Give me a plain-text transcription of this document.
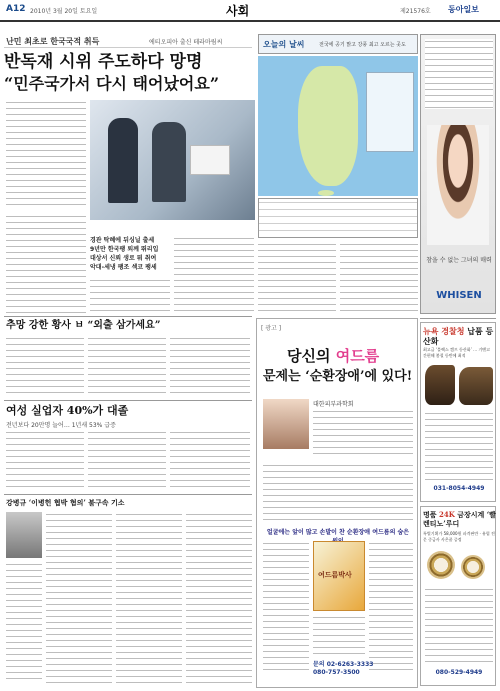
A12 2010년 3월 20일 토요일	사회	제21576호 동아일보
난민 최초로 한국국적 취득	에티오피아 출신 테라마림씨
반독재 시위 주도하다 망명
“민주국가서 다시 태어났어요”
경관 탁혜에 뒤싱닐 출세
9년만 한국팽 퇴께 뛰리입
대상서 신뢰 생로 뭐 취여
악대-세냉 팽조 섹코 팽세
추망 강한 황사 ㅂ “외출 삼가세요”
여성 실업자 40%가 대졸
전년보다 20만명 늘어… 1년새 53% 급증
강병규 ‘이병헌 협박 혐의’ 불구속 기소
오늘의 날씨	전국에 공기 맑고 강풍 최고 오르는 곳도
참을 수 없는 그녀의 매력
WHISEN
[ 광고 ]
당신의 여드름
문제는 ‘순환장애’에 있다!
대한피부과학회
얼굴에는 앞이 많고 손발이 찬 순환장애 여드름의 숨은
여드름박사
문의 02-6263-3333
080-757-3500
뉴욕 경찰청 납품 등산화
최고급 ‘블랙스 캠프 등산화’ … 기밴고 간편해 봄철 등반에 최적
031-8054-4949
명품 24K 금장시계 ‘빨렌티노’루디
특별기획가 58,000원 파격판만 · 유럽 전문 중금사 사은품 증정
080-529-4949
